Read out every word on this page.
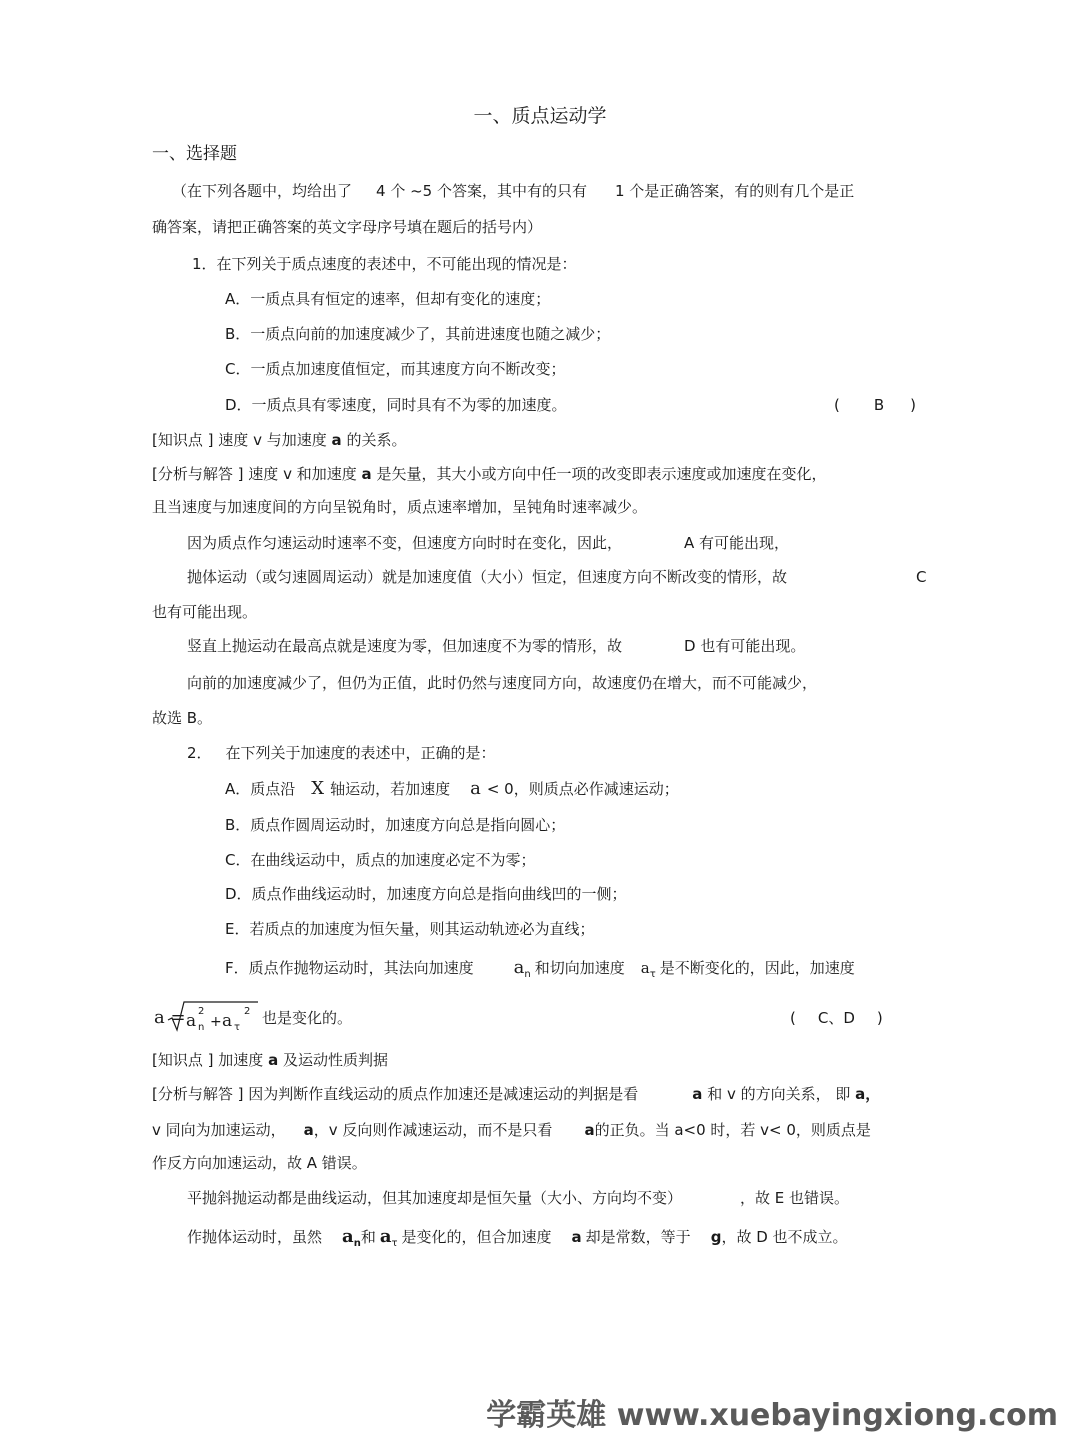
一、质点运动学
一、选择题
（在下列各题中，均给出了 4 个 ~5 个答案，其中有的只有 1 个是正确答案，有的则有几个是正
确答案，请把正确答案的英文字母序号填在题后的括号内）
1．在下列关于质点速度的表述中，不可能出现的情况是：
A．一质点具有恒定的速率，但却有变化的速度；
B．一质点向前的加速度减少了，其前进速度也随之减少；
C．一质点加速度值恒定，而其速度方向不断改变；
D．一质点具有零速度，同时具有不为零的加速度。	( B )
[知识点 ] 速度 v 与加速度 a 的关系。
[分析与解答 ] 速度 v 和加速度 a 是矢量，其大小或方向中任一项的改变即表示速度或加速度在变化，
且当速度与加速度间的方向呈锐角时，质点速率增加，呈钝角时速率减少。
因为质点作匀速运动时速率不变，但速度方向时时在变化，因此，	A 有可能出现，
抛体运动（或匀速圆周运动）就是加速度值（大小）恒定，但速度方向不断改变的情形，故	C
也有可能出现。
竖直上抛运动在最高点就是速度为零，但加速度不为零的情形，故	D 也有可能出现。
向前的加速度减少了，但仍为正值，此时仍然与速度同方向，故速度仍在增大，而不可能减少，
故选 B。
2． 在下列关于加速度的表述中，正确的是：
A．质点沿 X 轴运动，若加速度 a < 0，则质点必作减速运动；
B．质点作圆周运动时，加速度方向总是指向圆心；
C．在曲线运动中，质点的加速度必定不为零；
D．质点作曲线运动时，加速度方向总是指向曲线凹的一侧；
E．若质点的加速度为恒矢量，则其运动轨迹必为直线；
F．质点作抛物运动时，其法向加速度 $a_n$ 和切向加速度 $a_\tau$ 是不断变化的，因此，加速度
a = a n
2
+ a τ
2 也是变化的。	( C、D )
[知识点 ] 加速度 a 及运动性质判据
[分析与解答 ] 因为判断作直线运动的质点作加速还是减速运动的判据是看	a 和 v 的方向关系， 即 a，
v 同向为加速运动， a，v 反向则作减速运动，而不是只看 a的正负。当 a<0 时，若 v< 0，则质点是
作反方向加速运动，故 A 错误。
平抛斜抛运动都是曲线运动，但其加速度却是恒矢量（大小、方向均不变）	，故 E 也错误。
作抛体运动时，虽然 $a_n$和 $a_\tau$ 是变化的，但合加速度 a 却是常数，等于 g，故 D 也不成立。
学霸英雄 www.xuebayingxiong.com
